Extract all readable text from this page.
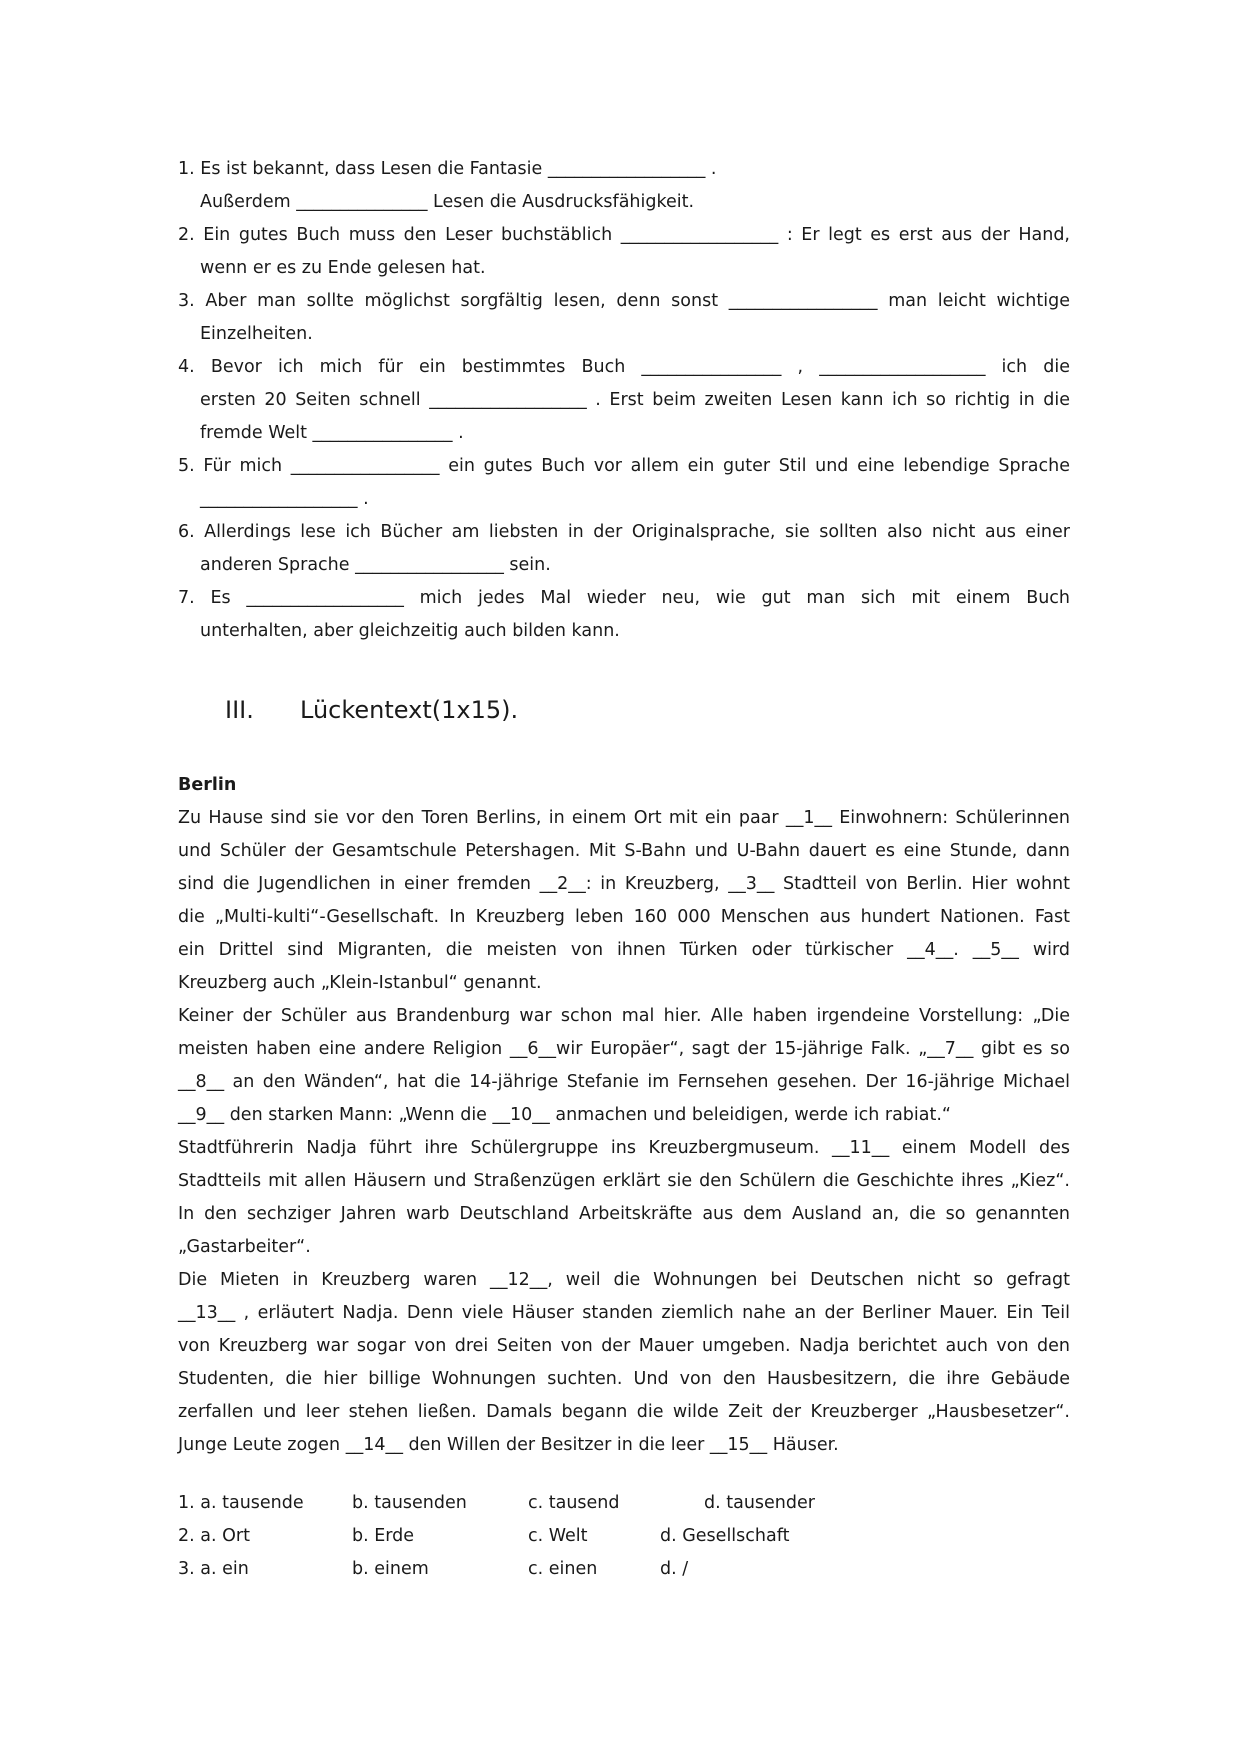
1. Es ist bekannt, dass Lesen die Fantasie __________________ .
Außerdem _______________ Lesen die Ausdrucksfähigkeit.
2. Ein gutes Buch muss den Leser buchstäblich __________________ : Er legt es erst aus der Hand,
wenn er es zu Ende gelesen hat.
3. Aber man sollte möglichst sorgfältig lesen, denn sonst _________________ man leicht wichtige
Einzelheiten.
4. Bevor ich mich für ein bestimmtes Buch ________________ , ___________________ ich die
ersten 20 Seiten schnell __________________ . Erst beim zweiten Lesen kann ich so richtig in die
fremde Welt ________________ .
5. Für mich _________________ ein gutes Buch vor allem ein guter Stil und eine lebendige Sprache
__________________ .
6. Allerdings lese ich Bücher am liebsten in der Originalsprache, sie sollten also nicht aus einer
anderen Sprache _________________ sein.
7. Es __________________ mich jedes Mal wieder neu, wie gut man sich mit einem Buch
unterhalten, aber gleichzeitig auch bilden kann.
III. Lückentext(1x15).
Berlin
Zu Hause sind sie vor den Toren Berlins, in einem Ort mit ein paar __1__ Einwohnern: Schülerinnen
und Schüler der Gesamtschule Petershagen. Mit S-Bahn und U-Bahn dauert es eine Stunde, dann
sind die Jugendlichen in einer fremden __2__: in Kreuzberg, __3__ Stadtteil von Berlin. Hier wohnt
die „Multi-kulti“-Gesellschaft. In Kreuzberg leben 160 000 Menschen aus hundert Nationen. Fast
ein Drittel sind Migranten, die meisten von ihnen Türken oder türkischer __4__. __5__ wird
Kreuzberg auch „Klein-Istanbul“ genannt.
Keiner der Schüler aus Brandenburg war schon mal hier. Alle haben irgendeine Vorstellung: „Die
meisten haben eine andere Religion __6__wir Europäer“, sagt der 15-jährige Falk. „__7__ gibt es so
__8__ an den Wänden“, hat die 14-jährige Stefanie im Fernsehen gesehen. Der 16-jährige Michael
__9__ den starken Mann: „Wenn die __10__ anmachen und beleidigen, werde ich rabiat.“
Stadtführerin Nadja führt ihre Schülergruppe ins Kreuzbergmuseum. __11__ einem Modell des
Stadtteils mit allen Häusern und Straßenzügen erklärt sie den Schülern die Geschichte ihres „Kiez“.
In den sechziger Jahren warb Deutschland Arbeitskräfte aus dem Ausland an, die so genannten
„Gastarbeiter“.
Die Mieten in Kreuzberg waren __12__, weil die Wohnungen bei Deutschen nicht so gefragt
__13__ , erläutert Nadja. Denn viele Häuser standen ziemlich nahe an der Berliner Mauer. Ein Teil
von Kreuzberg war sogar von drei Seiten von der Mauer umgeben. Nadja berichtet auch von den
Studenten, die hier billige Wohnungen suchten. Und von den Hausbesitzern, die ihre Gebäude
zerfallen und leer stehen ließen. Damals begann die wilde Zeit der Kreuzberger „Hausbesetzer“.
Junge Leute zogen __14__ den Willen der Besitzer in die leer __15__ Häuser.
1. a. tausende	b. tausenden	c. tausend	d. tausender
2. a. Ort	b. Erde	c. Welt	d. Gesellschaft
3. a. ein	b. einem	c. einen	d. /
